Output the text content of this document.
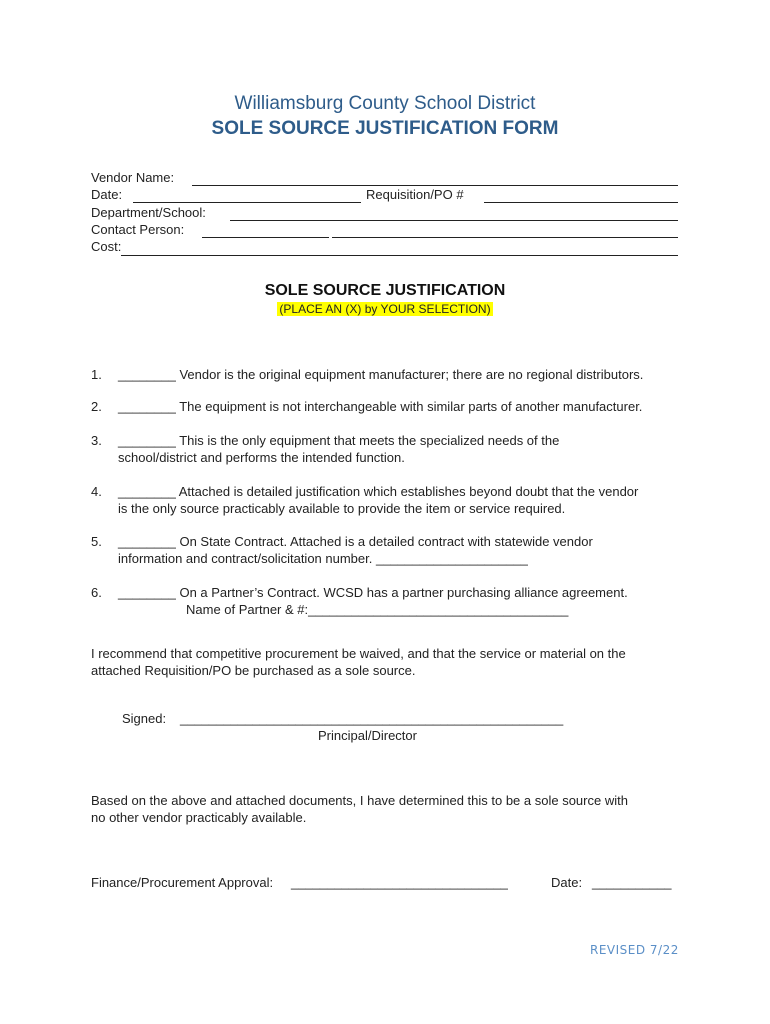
Williamsburg County School District
SOLE SOURCE JUSTIFICATION FORM
Vendor Name:
Date:	Requisition/PO #
Department/School:
Contact Person:
Cost:
SOLE SOURCE JUSTIFICATION
(PLACE AN (X) by YOUR SELECTION)
1. ________ Vendor is the original equipment manufacturer; there are no regional distributors.
2. ________ The equipment is not interchangeable with similar parts of another manufacturer.
3. ________ This is the only equipment that meets the specialized needs of the
school/district and performs the intended function.
4. ________ Attached is detailed justification which establishes beyond doubt that the vendor
is the only source practicably available to provide the item or service required.
5. ________ On State Contract. Attached is a detailed contract with statewide vendor
information and contract/solicitation number. _____________________
6. ________ On a Partner’s Contract. WCSD has a partner purchasing alliance agreement.
Name of Partner & #:____________________________________
I recommend that competitive procurement be waived, and that the service or material on the
attached Requisition/PO be purchased as a sole source.
Signed: _____________________________________________________
Principal/Director
Based on the above and attached documents, I have determined this to be a sole source with
no other vendor practicably available.
Finance/Procurement Approval: ______________________________	Date: ___________
REVISED 7/22
